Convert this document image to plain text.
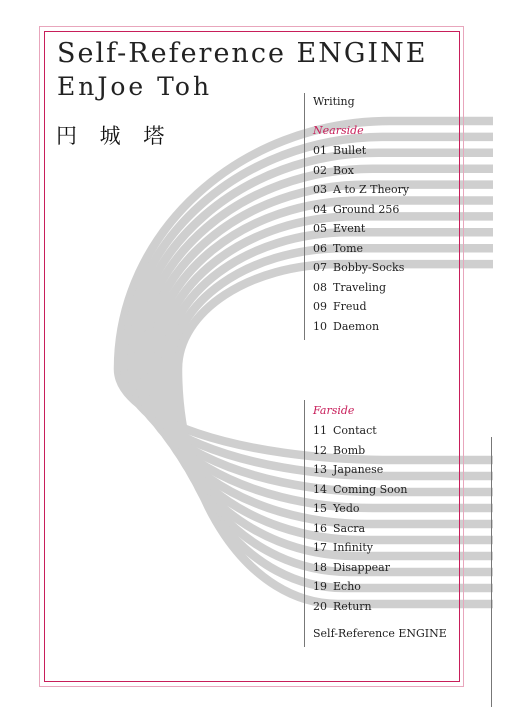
Self-Reference ENGINE
EnJoe Toh
円 城 塔
Writing
Nearside
01 Bullet
02 Box
03 A to Z Theory
04 Ground 256
05 Event
06 Tome
07 Bobby-Socks
08 Traveling
09 Freud
10 Daemon
Farside
11 Contact
12 Bomb
13 Japanese
14 Coming Soon
15 Yedo
16 Sacra
17 Infinity
18 Disappear
19 Echo
20 Return
Self-Reference ENGINE
